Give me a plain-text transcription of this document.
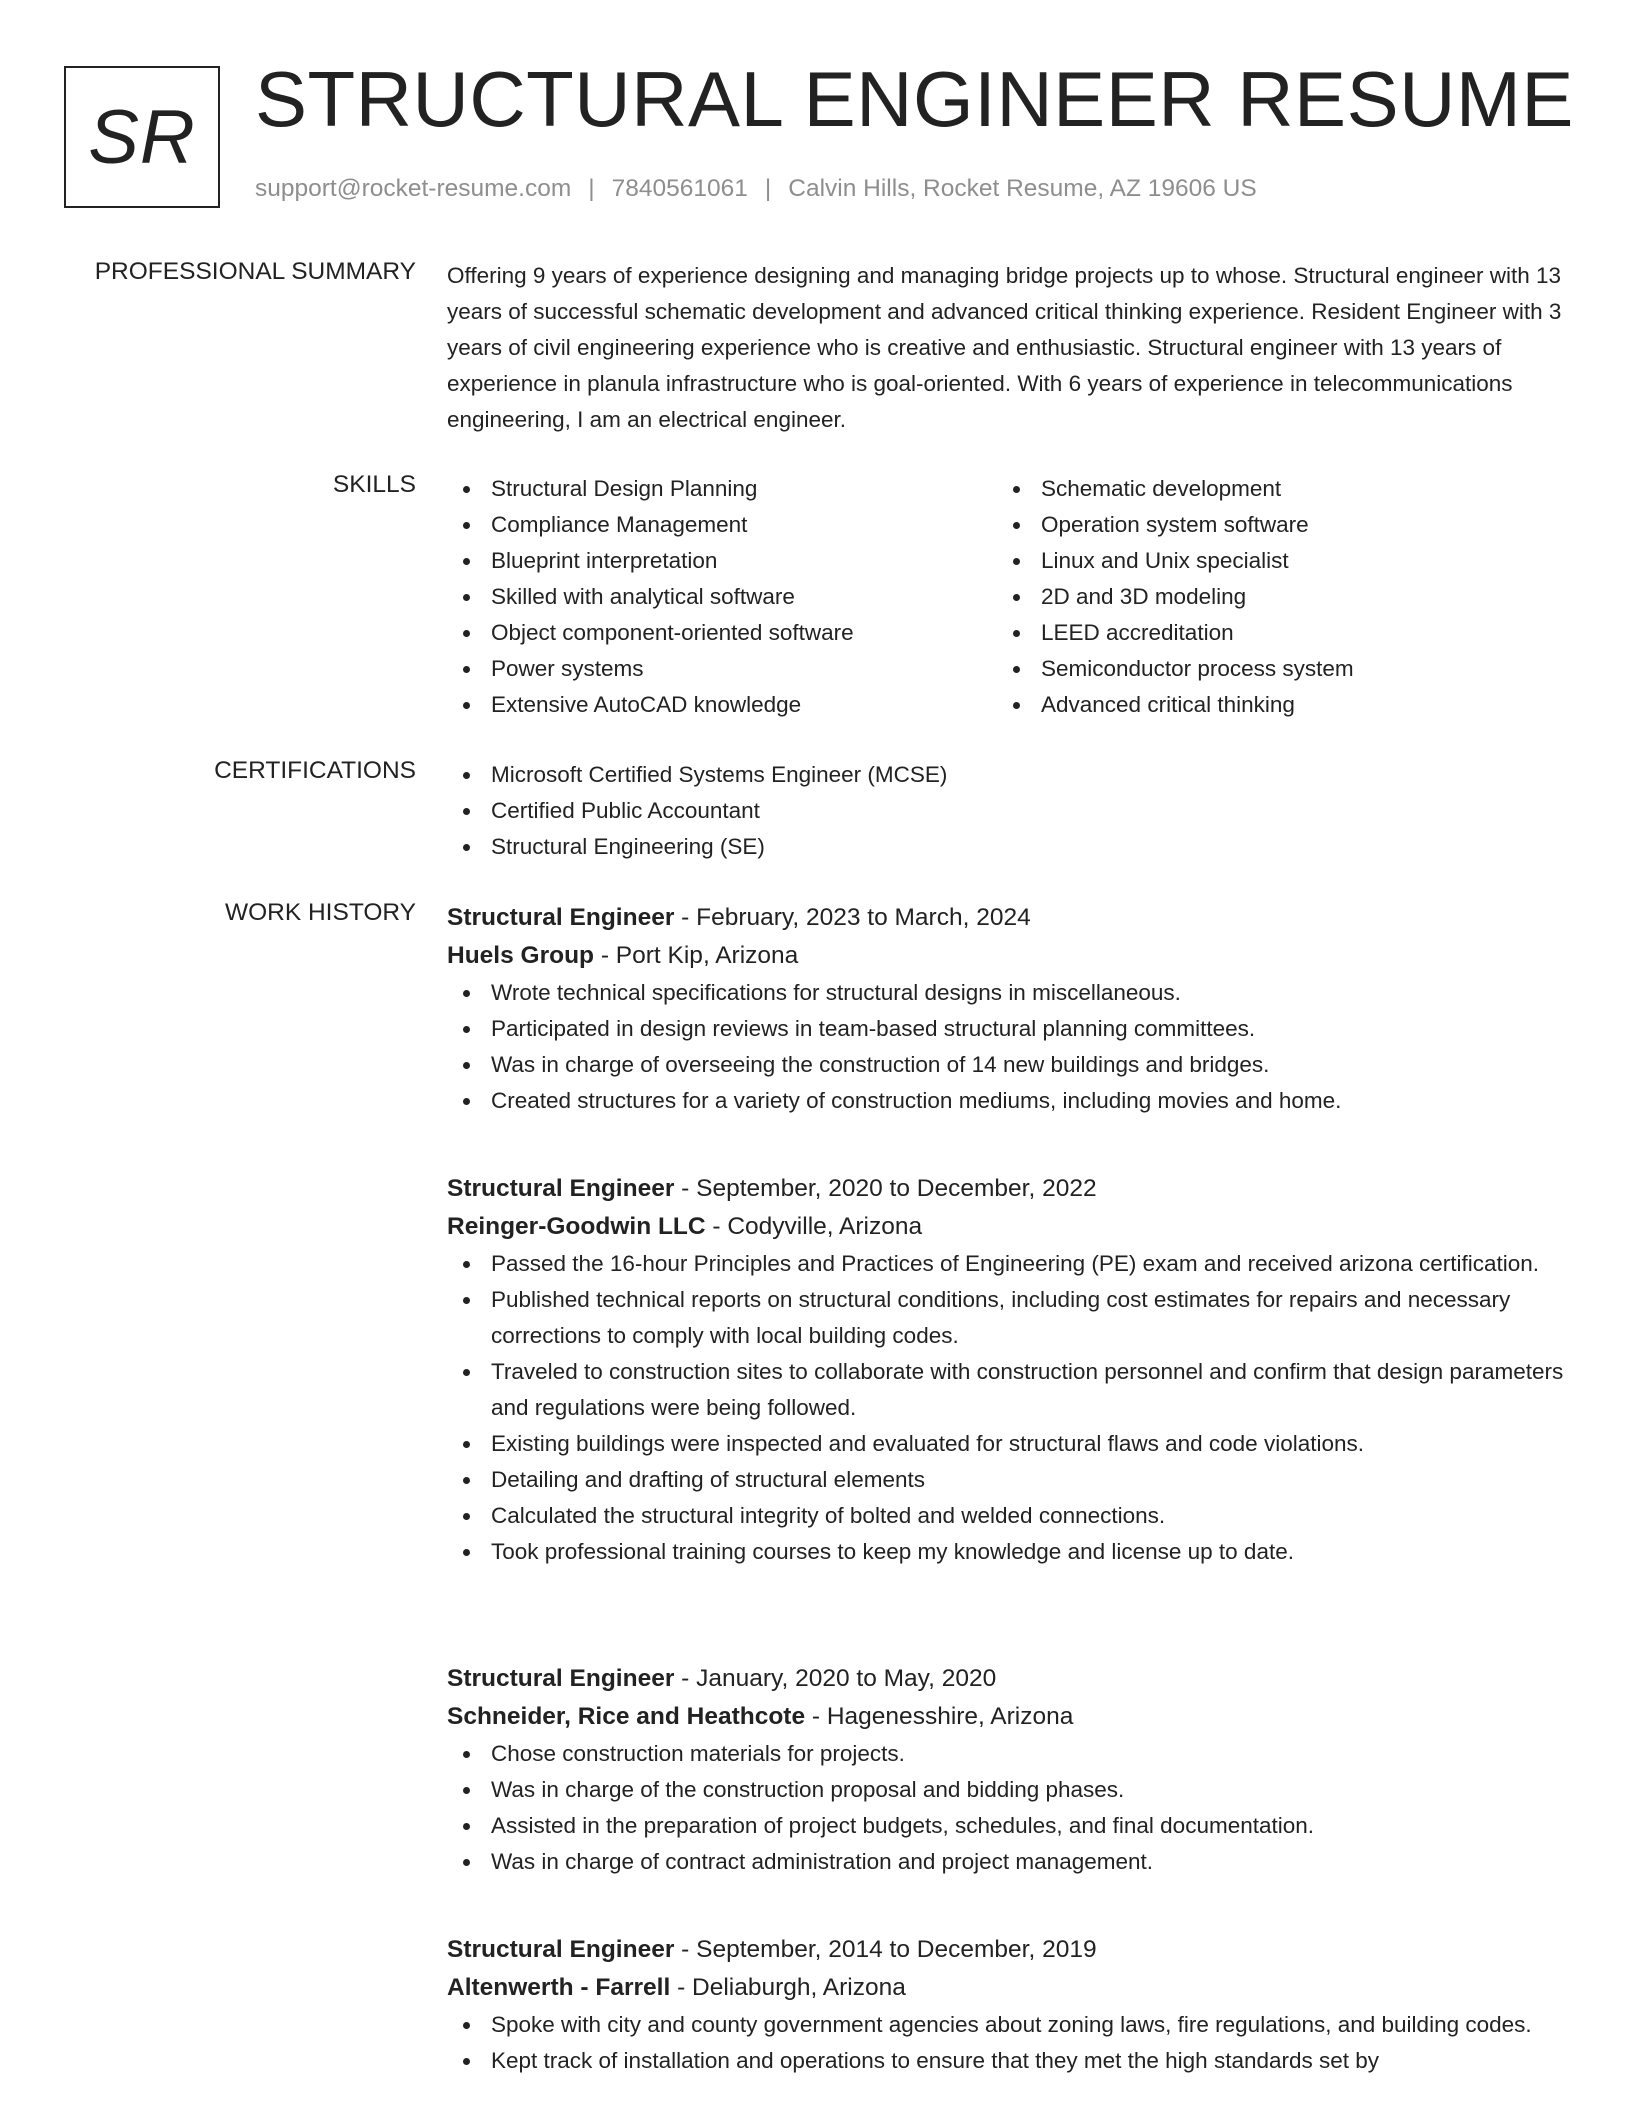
SR STRUCTURAL ENGINEER RESUME
support@rocket-resume.com | 7840561061 | Calvin Hills, Rocket Resume, AZ 19606 US
PROFESSIONAL SUMMARY Offering 9 years of experience designing and managing bridge projects up to whose. Structural engineer with 13 years of successful schematic development and advanced critical thinking experience. Resident Engineer with 3 years of civil engineering experience who is creative and enthusiastic. Structural engineer with 13 years of experience in planula infrastructure who is goal-oriented. With 6 years of experience in telecommunications engineering, I am an electrical engineer.

SKILLS	Structural Design Planning
Compliance Management
Blueprint interpretation
Skilled with analytical software
Object component-oriented software
Power systems
Extensive AutoCAD knowledge
Schematic development
Operation system software
Linux and Unix specialist
2D and 3D modeling
LEED accreditation
Semiconductor process system
Advanced critical thinking
CERTIFICATIONS	Microsoft Certified Systems Engineer (MCSE)
Certified Public Accountant
Structural Engineering (SE)
WORK HISTORY Structural Engineer - February, 2023 to March, 2024
Huels Group - Port Kip, Arizona
Wrote technical specifications for structural designs in miscellaneous.
Participated in design reviews in team-based structural planning committees.
Was in charge of overseeing the construction of 14 new buildings and bridges.
Created structures for a variety of construction mediums, including movies and home.
Structural Engineer - September, 2020 to December, 2022
Reinger-Goodwin LLC - Codyville, Arizona
Passed the 16-hour Principles and Practices of Engineering (PE) exam and received arizona certification.
Published technical reports on structural conditions, including cost estimates for repairs and necessary corrections to comply with local building codes.
Traveled to construction sites to collaborate with construction personnel and confirm that design parameters and regulations were being followed.
Existing buildings were inspected and evaluated for structural flaws and code violations.
Detailing and drafting of structural elements
Calculated the structural integrity of bolted and welded connections.
Took professional training courses to keep my knowledge and license up to date.
Structural Engineer - January, 2020 to May, 2020
Schneider, Rice and Heathcote - Hagenesshire, Arizona
Chose construction materials for projects.
Was in charge of the construction proposal and bidding phases.
Assisted in the preparation of project budgets, schedules, and final documentation.
Was in charge of contract administration and project management.
Structural Engineer - September, 2014 to December, 2019
Altenwerth - Farrell - Deliaburgh, Arizona
Spoke with city and county government agencies about zoning laws, fire regulations, and building codes.
Kept track of installation and operations to ensure that they met the high standards set by
